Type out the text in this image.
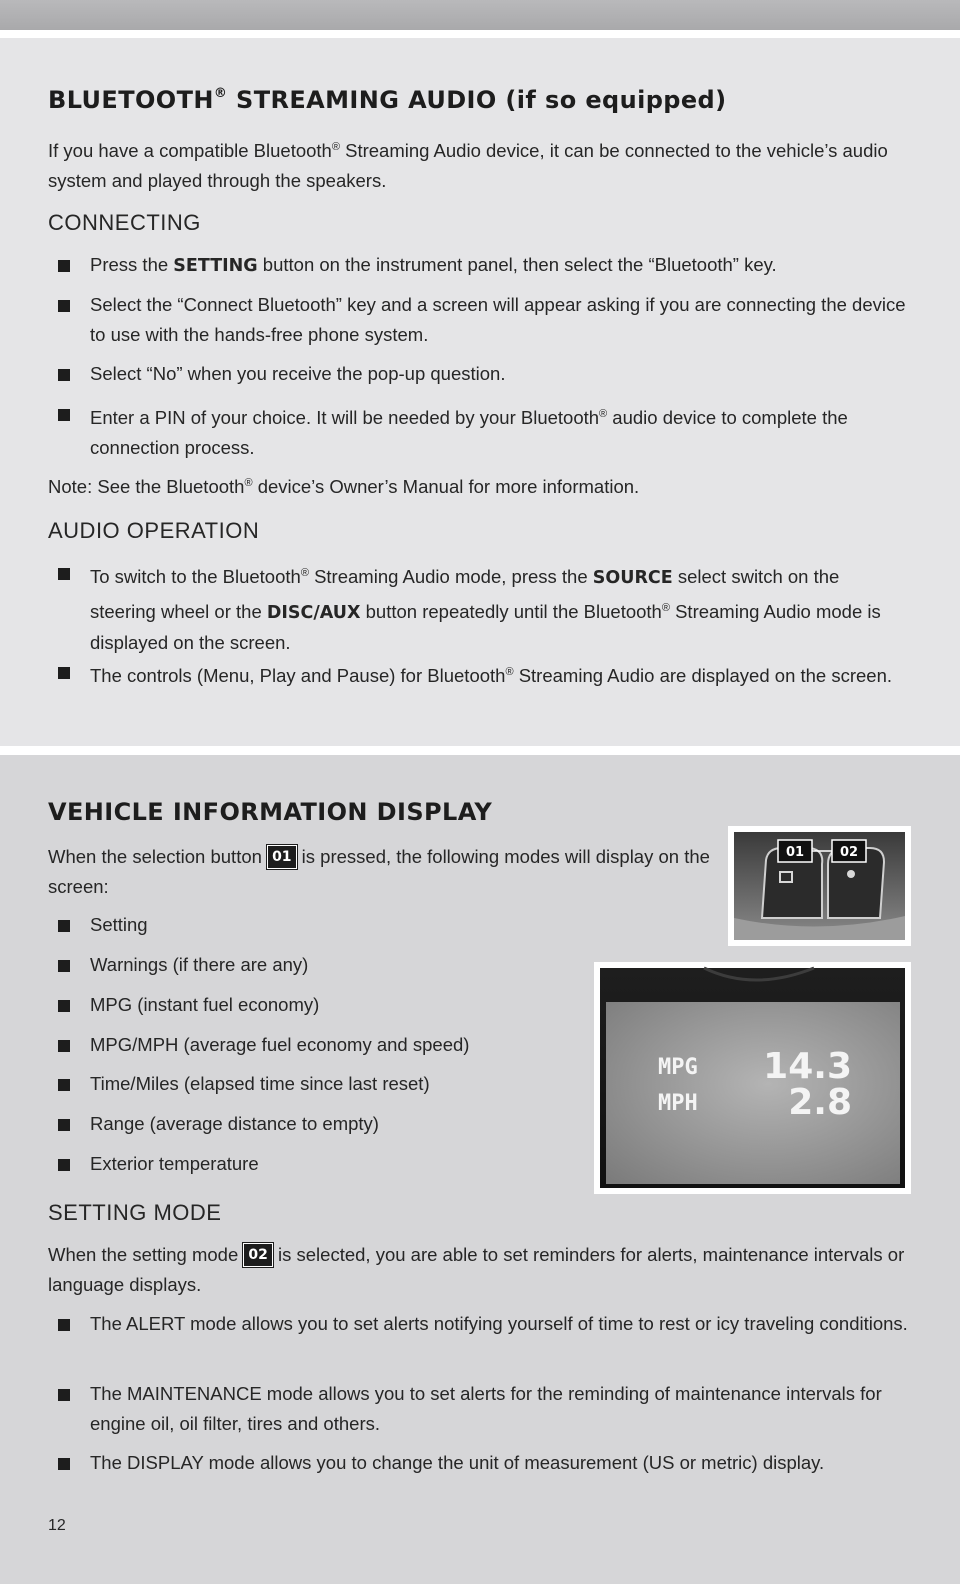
BLUETOOTH® STREAMING AUDIO (if so equipped)

If you have a compatible Bluetooth® Streaming Audio device, it can be connected to the vehicle’s audio system and played through the speakers.

CONNECTING

Press the SETTING button on the instrument panel, then select the “Bluetooth” key.

Select the “Connect Bluetooth” key and a screen will appear asking if you are connecting the device to use with the hands-free phone system.

Select “No” when you receive the pop-up question.

Enter a PIN of your choice. It will be needed by your Bluetooth® audio device to complete the connection process.

Note: See the Bluetooth® device’s Owner’s Manual for more information.

AUDIO OPERATION

To switch to the Bluetooth® Streaming Audio mode, press the SOURCE select switch on the steering wheel or the DISC/AUX button repeatedly until the Bluetooth® Streaming Audio mode is displayed on the screen.

The controls (Menu, Play and Pause) for Bluetooth® Streaming Audio are displayed on the screen.

VEHICLE INFORMATION DISPLAY

When the selection button 01 is pressed, the following modes will display on the screen:

Setting

Warnings (if there are any)

MPG (instant fuel economy)

MPG/MPH (average fuel economy and speed)

Time/Miles (elapsed time since last reset)

Range (average distance to empty)

Exterior temperature

SETTING MODE

When the setting mode 02 is selected, you are able to set reminders for alerts, maintenance intervals or language displays.

The ALERT mode allows you to set alerts notifying yourself of time to rest or icy traveling conditions.

The MAINTENANCE mode allows you to set alerts for the reminding of maintenance intervals for engine oil, oil filter, tires and others.

The DISPLAY mode allows you to change the unit of measurement (US or metric) display.

01	02
MPG 14.3
MPH	2.8
12
